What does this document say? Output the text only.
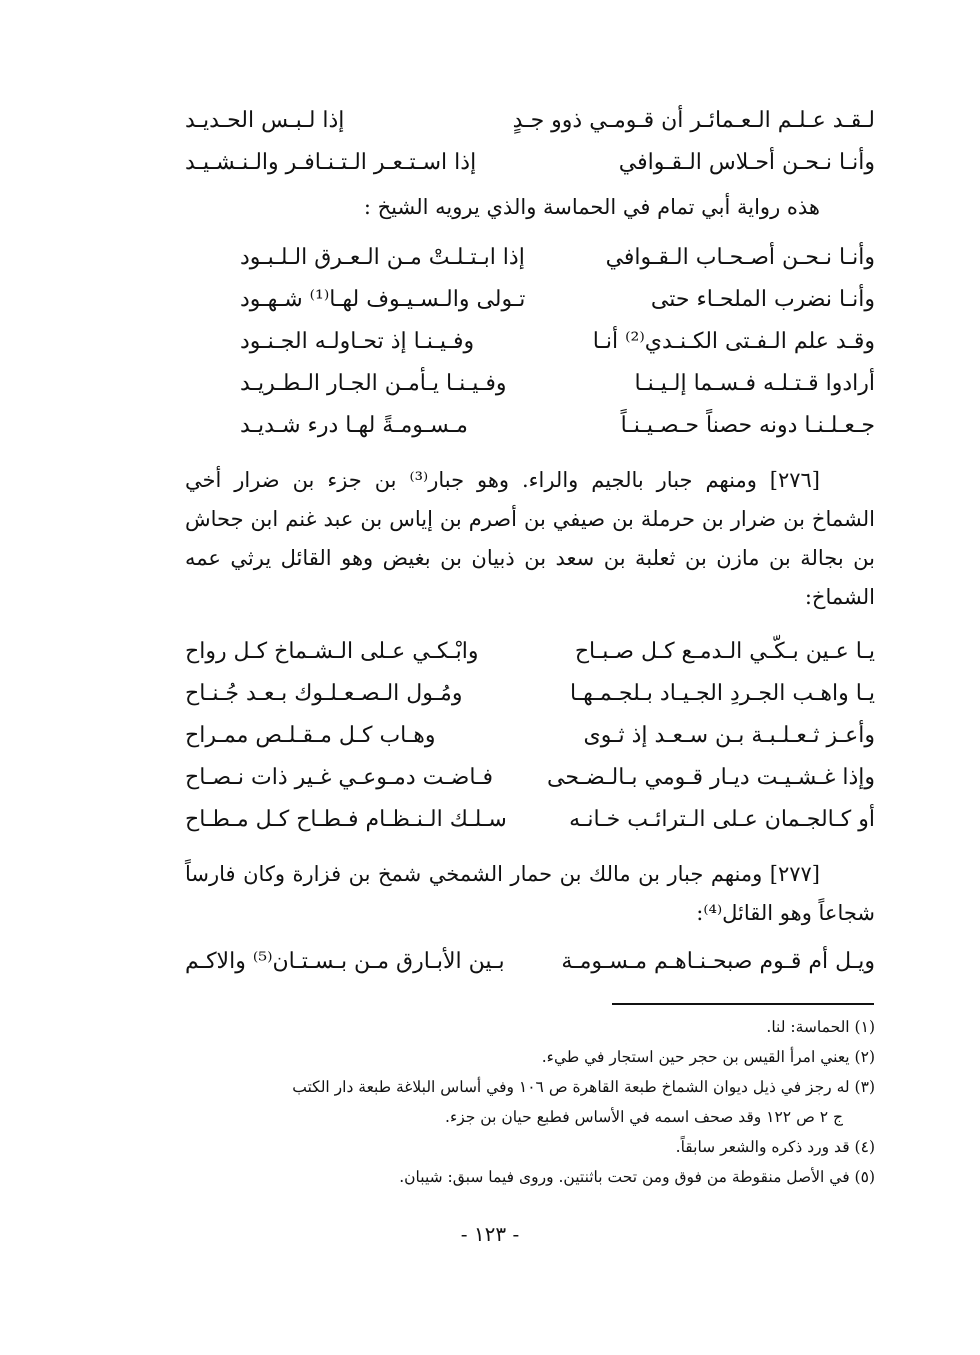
لـقـد عـلـم الـعـمائـر أن قـومـي ذوو جـدٍ
إذا لـبـس الحـديـد
وأنـا نـحـن أحـلاس الـقـوافي
إذا اسـتـعـر الـتـنـافـر والـنـشـيـد

هذه رواية أبي تمام في الحماسة والذي يرويه الشيخ :

وأنـا نـحـن أصـحـاب الـقـوافي
إذا ابـتـلـتْ مـن الـعـرق الـلـبـود
وأنـا نضرب الملحـاء حتى
تـولى والـسـيـوف لهـا⁽¹⁾ شـهـود
وقـد علم الـفـتى الكـنـدي⁽²⁾ أنـا
وفـيـنـا إذ تحـاولـه الجـنـود
أرادوا قـتـلـه فـسـما إلـيـنـا
وفـيـنـا يـأمـن الجـار الـطـريـد
جـعـلـنـا دونه حصناً حـصـيـنـاً
مـسـومـةً لهـا درء شـديـد

[٢٧٦] ومنهم جبار بالجيم والراء. وهو جبار⁽³⁾ بن جزء بن ضرار أخي الشماخ بن ضرار بن حرملة بن صيفي بن أصرم بن إياس بن عبد غنم ابن جحاش بن بجالة بن مازن بن ثعلبة بن سعد بن ذبيان بن بغيض وهو القائل يرثي عمه الشماخ:

يـا عـين بـكّـي الـدمـع كـل صـبـاح
وابْـكـي عـلى الـشـماخ كـل رواح
يـا واهـب الجـردِ الجـيـاد بـلجـمـهـا
ومُـول الـصـعـلـوك بـعـد جُـنـاح
وأعـز ثـعـلـبـة بـن سـعـد إذ ثـوى
وهـاب كـل مـقـلـص ممـراح
وإذا غـشـيـت ديـار قـومي بـالـضـحى
فـاضـت دمـوعـي غـير ذات نـصـاح
أو كـالجـمان عـلى الـترائـب خـانـه
سـلـك الـنـظـام فـطـاح كـل مـطـاح

[٢٧٧] ومنهم جبار بن مالك بن حمار الشمخي شمخ بن فزارة وكان فارساً شجاعاً وهو القائل⁽⁴⁾:

ويـل أم قـوم صبحـنـاهـم مـسـومـة
بـين الأبـارق مـن بـسـتـان⁽⁵⁾ والاكـم
(١) الحماسة: لنا.
(٢) يعني امرأ القيس بن حجر حين استجار في طيء.
(٣) له رجز في ذيل ديوان الشماخ طبعة القاهرة ص ١٠٦ وفي أساس البلاغة طبعة دار الكتب
ج ٢ ص ١٢٢ وقد صحف اسمه في الأساس فطبع حيان بن جزء.
(٤) قد ورد ذكره والشعر سابقاً.
(٥) في الأصل منقوطة من فوق ومن تحت باثنتين. وروى فيما سبق: شيبان.
- ١٢٣ -
